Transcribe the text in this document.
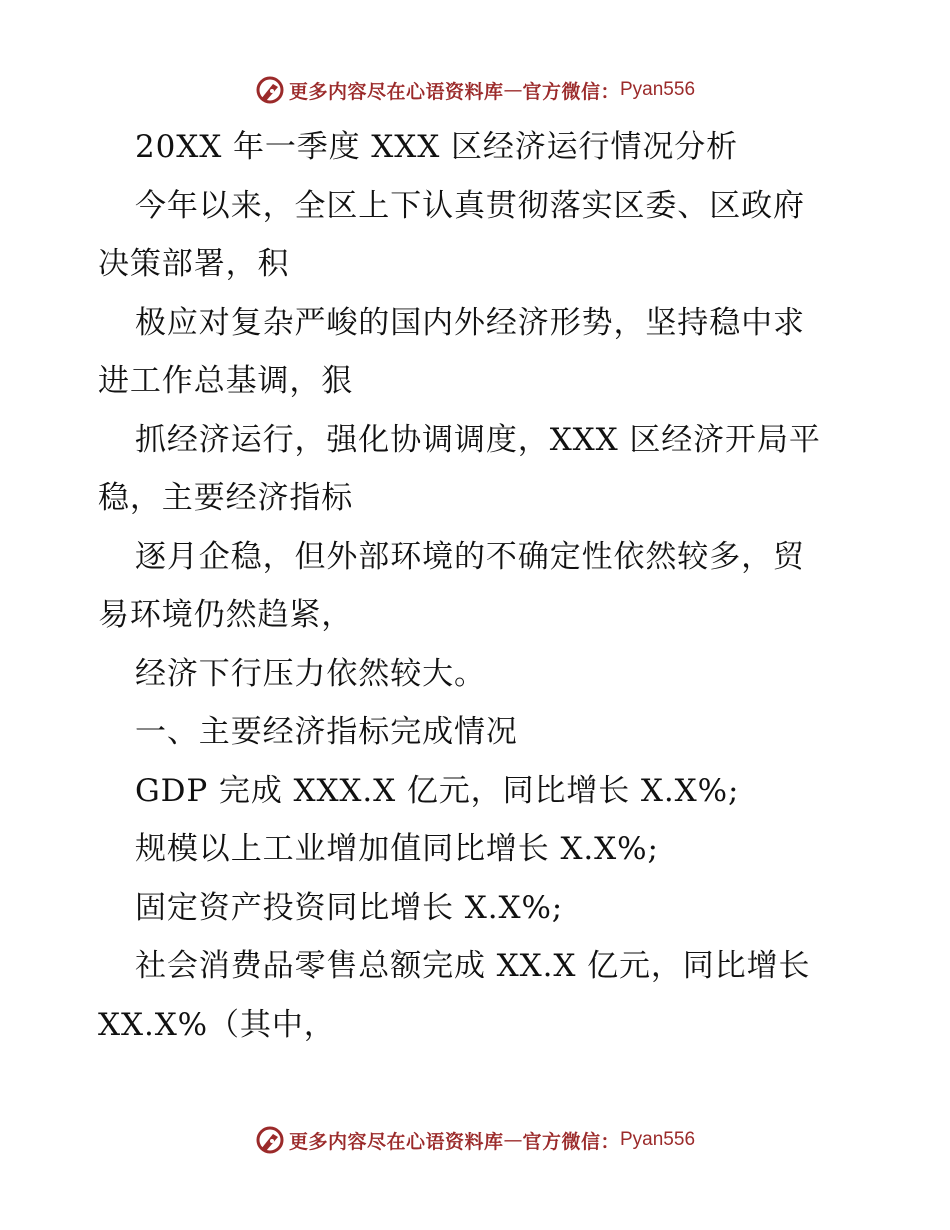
更多内容尽在心语资料库 — 官方微信： Pyan556
20XX 年一季度 XXX 区经济运行情况分析
今年以来，全区上下认真贯彻落实区委、区政府
决策部署，积
极应对复杂严峻的国内外经济形势，坚持稳中求
进工作总基调，狠
抓经济运行，强化协调调度，XXX 区经济开局平
稳，主要经济指标
逐月企稳，但外部环境的不确定性依然较多，贸
易环境仍然趋紧，
经济下行压力依然较大。
一、主要经济指标完成情况
GDP 完成 XXX.X 亿元，同比增长 X.X%;
规模以上工业增加值同比增长 X.X%;
固定资产投资同比增长 X.X%;
社会消费品零售总额完成 XX.X 亿元，同比增长
XX.X%（其中，
更多内容尽在心语资料库 — 官方微信： Pyan556
